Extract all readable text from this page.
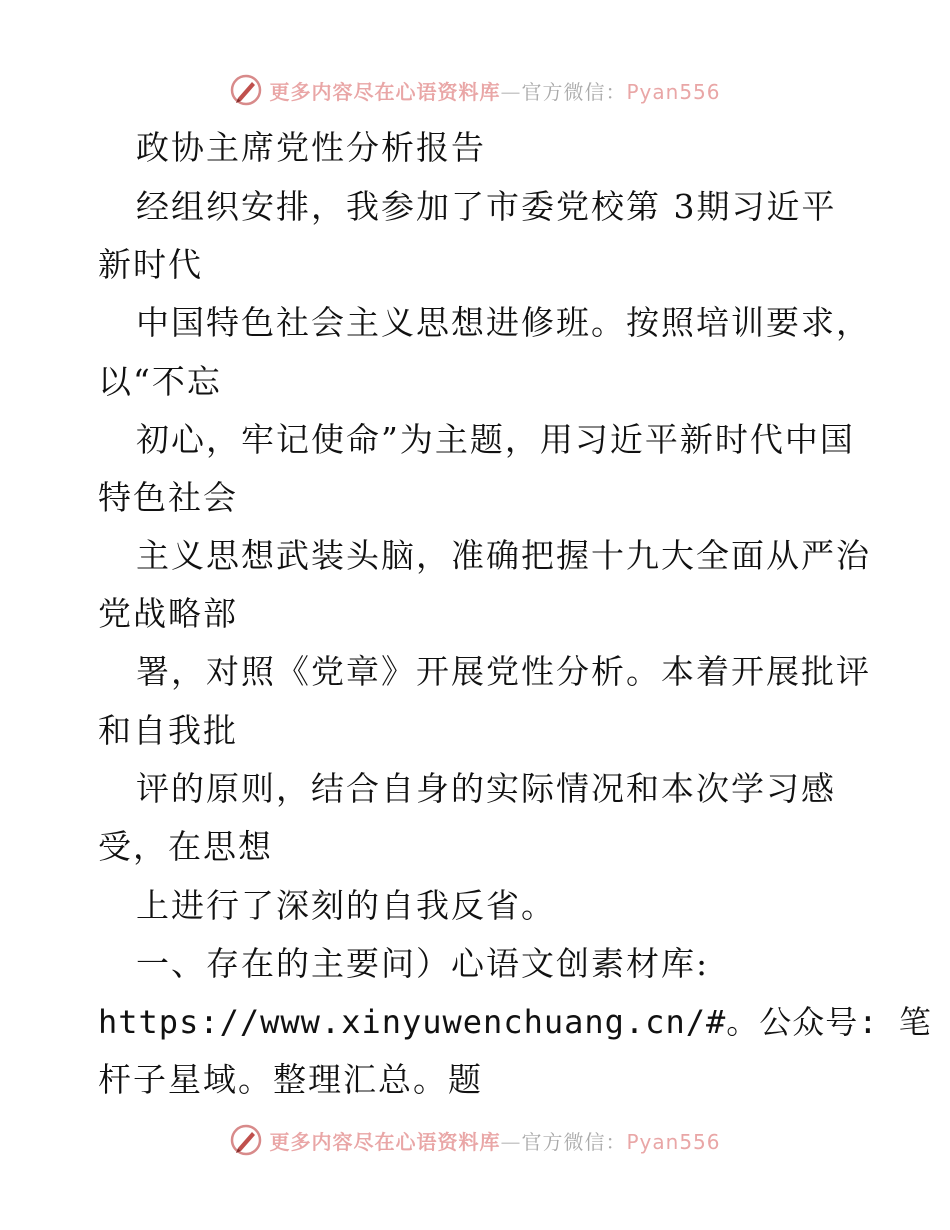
更多内容尽在心语资料库—官方微信：Pyan556
政协主席党性分析报告
经组织安排，我参加了市委党校第 3期习近平
新时代
中国特色社会主义思想进修班。按照培训要求，
以“不忘
初心，牢记使命”为主题，用习近平新时代中国
特色社会
主义思想武装头脑，准确把握十九大全面从严治
党战略部
署，对照《党章》开展党性分析。本着开展批评
和自我批
评的原则，结合自身的实际情况和本次学习感
受，在思想
上进行了深刻的自我反省。
一、存在的主要问）心语文创素材库:
https://www.xinyuwenchuang.cn/#。公众号: 笔
杆子星域。整理汇总。题
更多内容尽在心语资料库—官方微信：Pyan556
